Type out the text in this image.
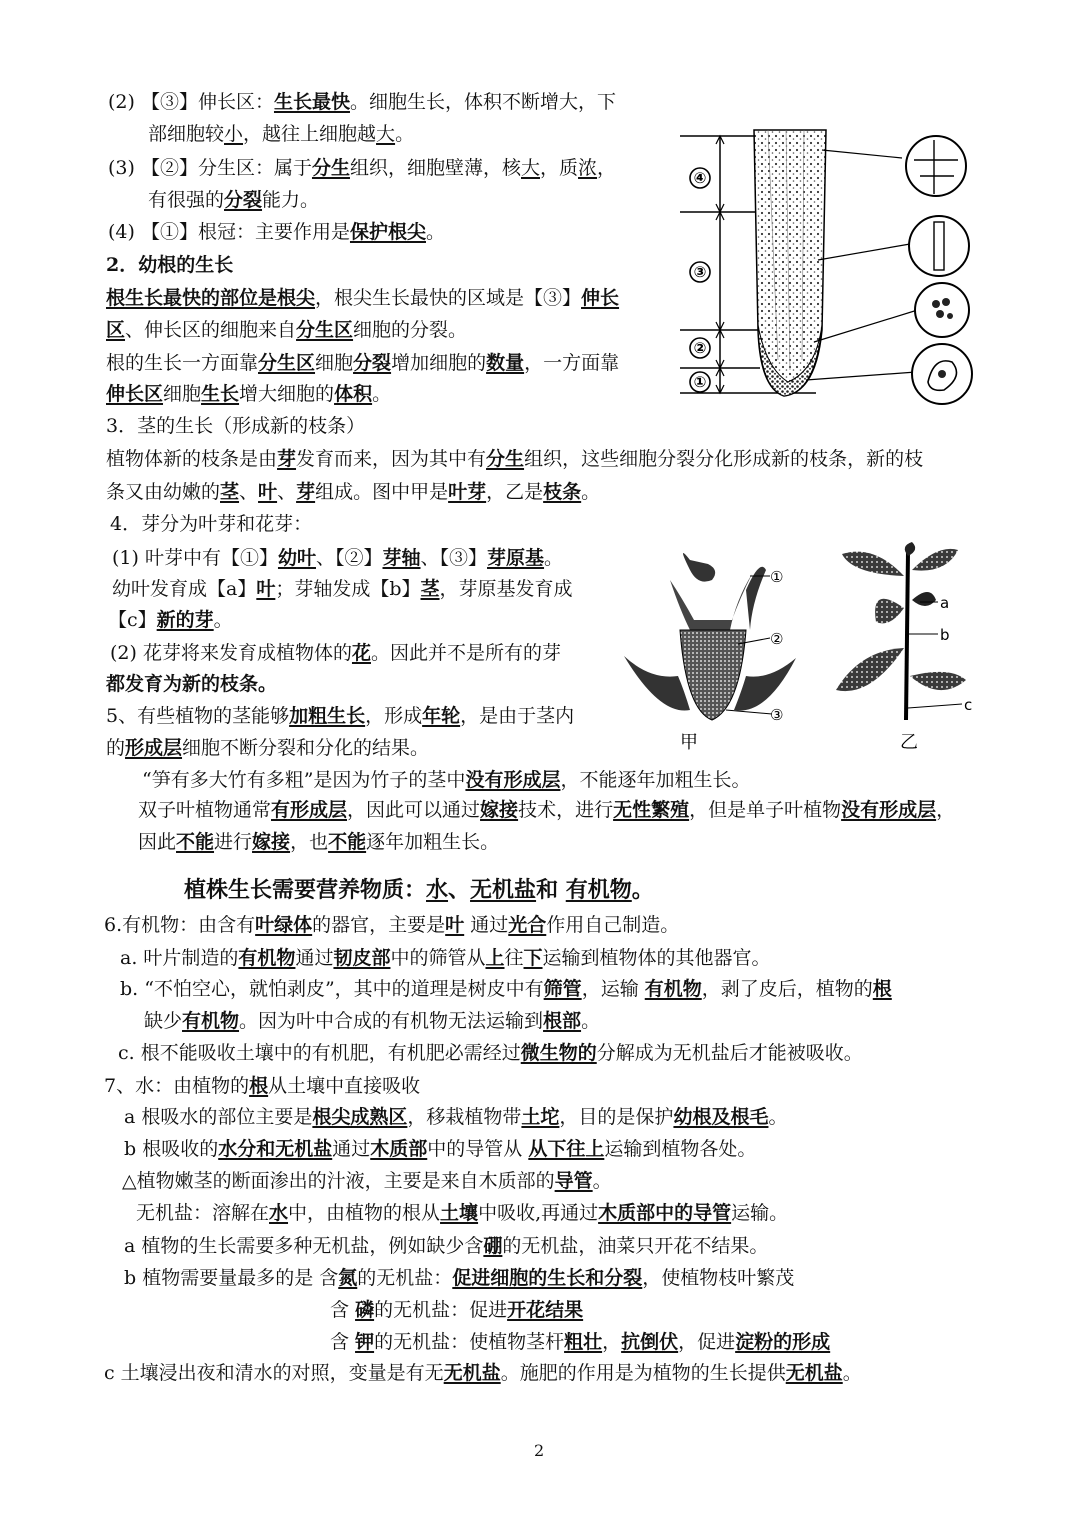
(2) 【③】伸长区：生长最快。细胞生长，体积不断增大，下
部细胞较小，越往上细胞越大。
(3) 【②】分生区：属于分生组织，细胞壁薄，核大，质浓，
有很强的分裂能力。
(4) 【①】根冠：主要作用是保护根尖。
2．幼根的生长
根生长最快的部位是根尖，根尖生长最快的区域是【③】伸长
区、伸长区的细胞来自分生区细胞的分裂。
根的生长一方面靠分生区细胞分裂增加细胞的数量，一方面靠
伸长区细胞生长增大细胞的体积。
3．茎的生长（形成新的枝条）
植物体新的枝条是由芽发育而来，因为其中有分生组织，这些细胞分裂分化形成新的枝条，新的枝
条又由幼嫩的茎、叶、芽组成。图中甲是叶芽，乙是枝条。
4．芽分为叶芽和花芽：
(1) 叶芽中有【①】幼叶、【②】芽轴、【③】芽原基。
幼叶发育成【a】叶；芽轴发成【b】茎，芽原基发育成
【c】新的芽。
(2) 花芽将来发育成植物体的花。因此并不是所有的芽
都发育为新的枝条。
5、有些植物的茎能够加粗生长，形成年轮，是由于茎内
的形成层细胞不断分裂和分化的结果。
“笋有多大竹有多粗”是因为竹子的茎中没有形成层，不能逐年加粗生长。
双子叶植物通常有形成层，因此可以通过嫁接技术，进行无性繁殖，但是单子叶植物没有形成层，
因此不能进行嫁接，也不能逐年加粗生长。
植株生长需要营养物质：水、无机盐和 有机物。
6.有机物：由含有叶绿体的器官，主要是叶 通过光合作用自己制造。
a. 叶片制造的有机物通过韧皮部中的筛管从上往下运输到植物体的其他器官。
b. “不怕空心，就怕剥皮”，其中的道理是树皮中有筛管，运输 有机物，剥了皮后，植物的根
缺少有机物。因为叶中合成的有机物无法运输到根部。
c. 根不能吸收土壤中的有机肥，有机肥必需经过微生物的分解成为无机盐后才能被吸收。
7、水：由植物的根从土壤中直接吸收
a 根吸水的部位主要是根尖成熟区，移栽植物带土坨，目的是保护幼根及根毛。
b 根吸收的水分和无机盐通过木质部中的导管从 从下往上运输到植物各处。
△植物嫩茎的断面渗出的汁液，主要是来自木质部的导管。
无机盐：溶解在水中，由植物的根从土壤中吸收,再通过木质部中的导管运输。
a 植物的生长需要多种无机盐，例如缺少含硼的无机盐，油菜只开花不结果。
b 植物需要量最多的是 含氮的无机盐：促进细胞的生长和分裂，使植物枝叶繁茂
含 磷的无机盐：促进开花结果
含 钾的无机盐：使植物茎杆粗壮，抗倒伏，促进淀粉的形成
c 土壤浸出夜和清水的对照，变量是有无无机盐。施肥的作用是为植物的生长提供无机盐。
2
④
③
②
①
①
②
③
甲
a
b
c
乙
